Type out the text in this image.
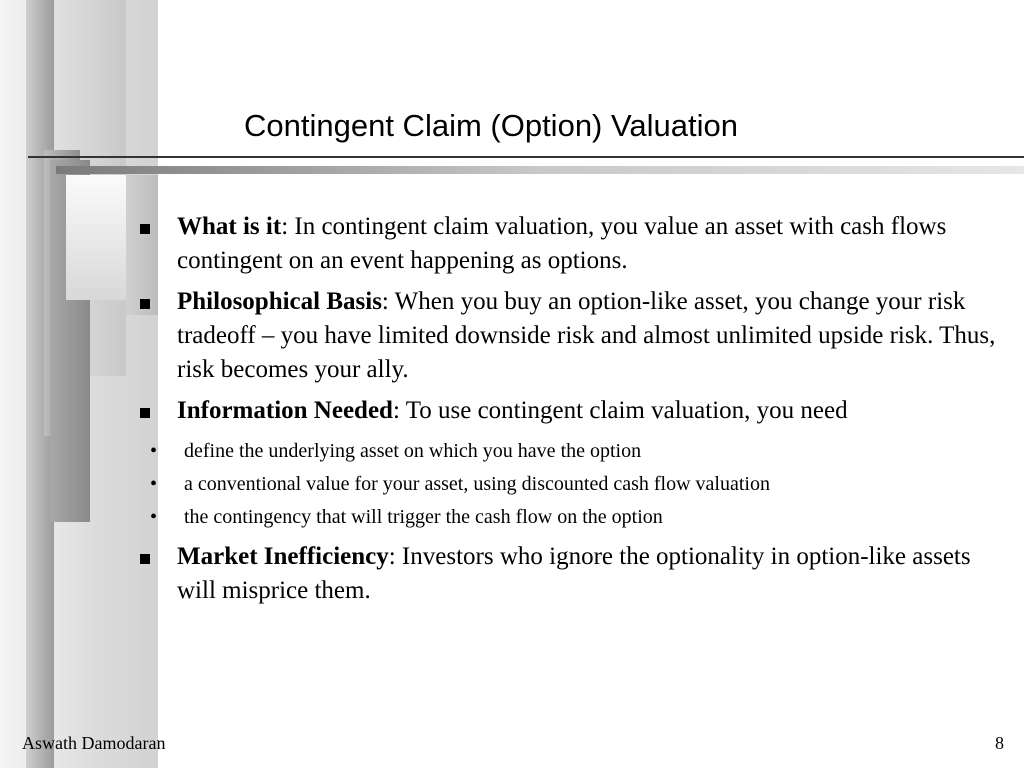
Contingent Claim (Option) Valuation
What is it: In contingent claim valuation, you value an asset with cash flows contingent on an event happening as options.
Philosophical Basis: When you buy an option-like asset, you change your risk tradeoff – you have limited downside risk and almost unlimited upside risk. Thus, risk becomes your ally.
Information Needed: To use contingent claim valuation, you need
• define the underlying asset on which you have the option
• a conventional value for your asset, using discounted cash flow valuation
• the contingency that will trigger the cash flow on the option
Market Inefficiency: Investors who ignore the optionality in option-like assets will misprice them.
Aswath Damodaran	8
